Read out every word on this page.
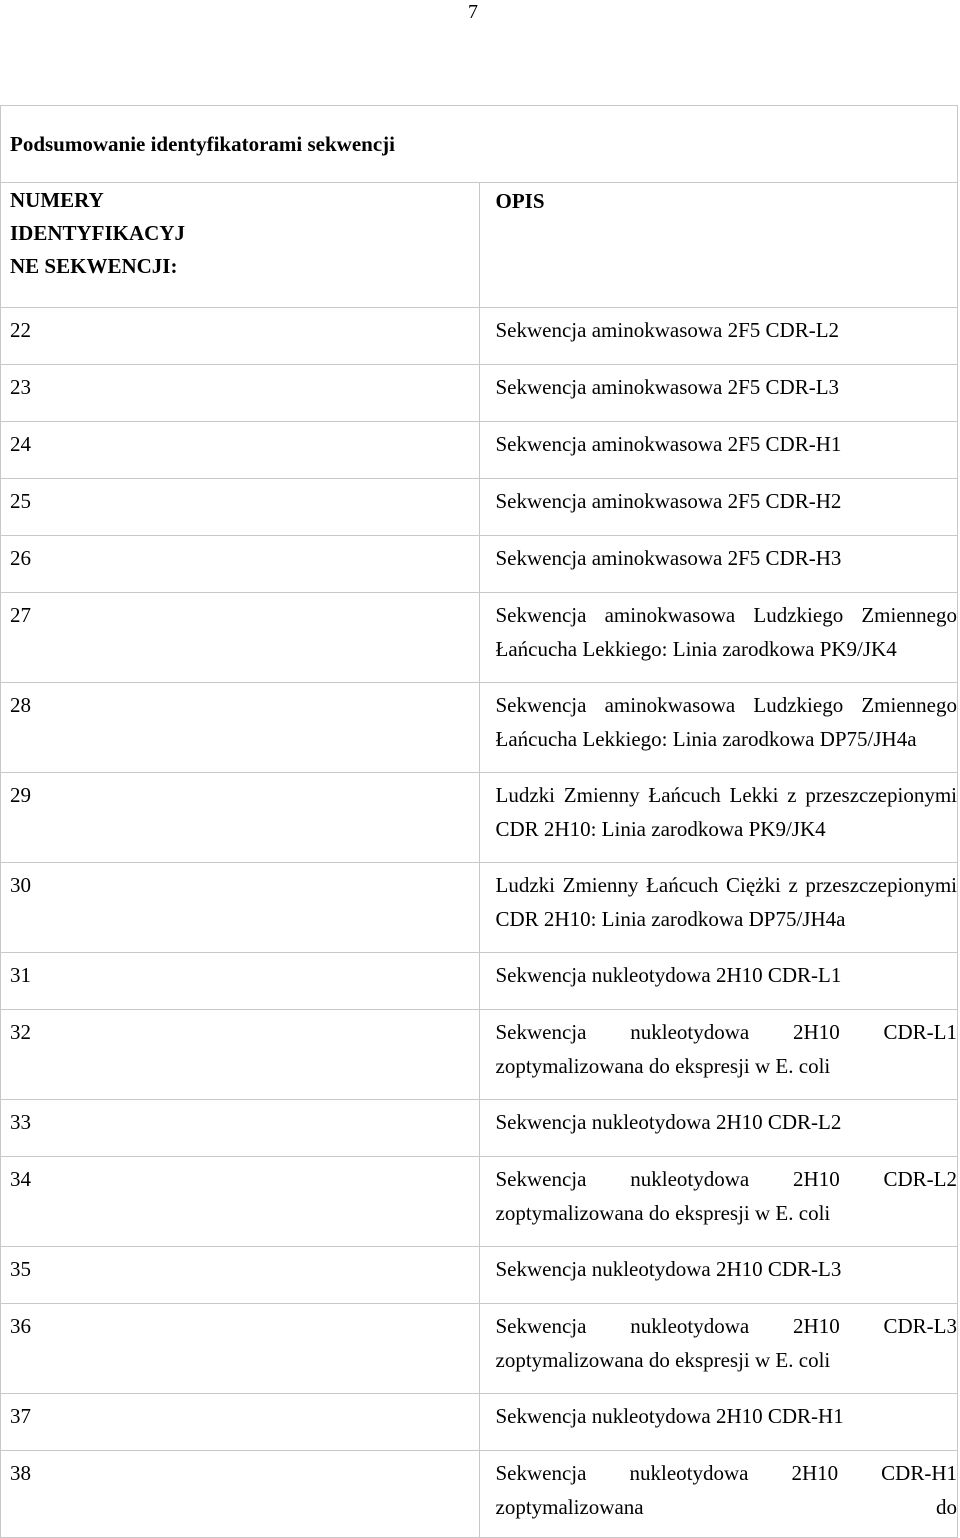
7
Podsumowanie identyfikatorami sekwencji	

NUMERY
IDENTYFIKACYJ
NE SEKWENCJI:	OPIS
22	Sekwencja aminokwasowa 2F5 CDR-L2
23	Sekwencja aminokwasowa 2F5 CDR-L3
24	Sekwencja aminokwasowa 2F5 CDR-H1
25	Sekwencja aminokwasowa 2F5 CDR-H2
26	Sekwencja aminokwasowa 2F5 CDR-H3
27	Sekwencja aminokwasowa Ludzkiego Zmiennego Łańcucha Lekkiego: Linia zarodkowa PK9/JK4
28	Sekwencja aminokwasowa Ludzkiego Zmiennego Łańcucha Lekkiego: Linia zarodkowa DP75/JH4a
29	Ludzki Zmienny Łańcuch Lekki z przeszczepionymi CDR 2H10: Linia zarodkowa PK9/JK4
30	Ludzki Zmienny Łańcuch Ciężki z przeszczepionymi CDR 2H10: Linia zarodkowa DP75/JH4a
31	Sekwencja nukleotydowa 2H10 CDR-L1
32	Sekwencja nukleotydowa 2H10 CDR-L1 zoptymalizowana do ekspresji w E. coli
33	Sekwencja nukleotydowa 2H10 CDR-L2
34	Sekwencja nukleotydowa 2H10 CDR-L2 zoptymalizowana do ekspresji w E. coli
35	Sekwencja nukleotydowa 2H10 CDR-L3
36	Sekwencja nukleotydowa 2H10 CDR-L3 zoptymalizowana do ekspresji w E. coli
37	Sekwencja nukleotydowa 2H10 CDR-H1
38	Sekwencja nukleotydowa 2H10 CDR-H1 zoptymalizowana do
